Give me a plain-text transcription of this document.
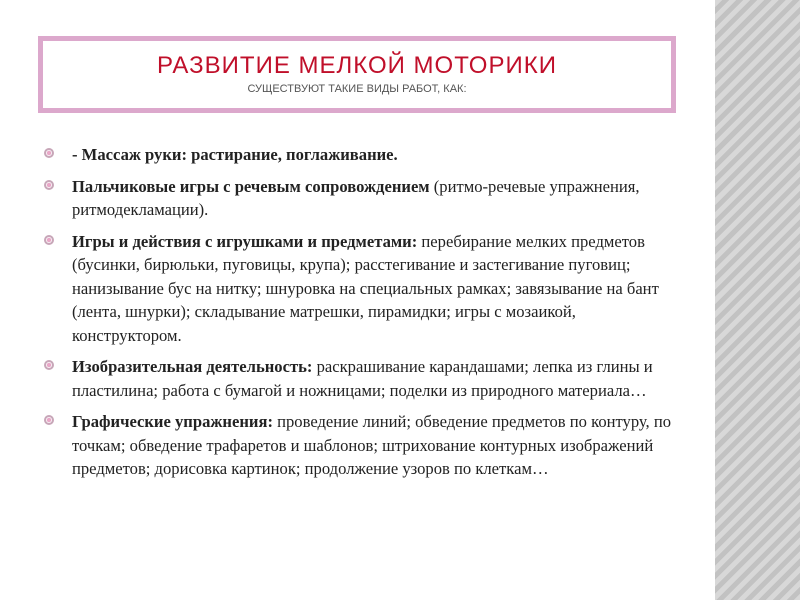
РАЗВИТИЕ МЕЛКОЙ МОТОРИКИ
СУЩЕСТВУЮТ ТАКИЕ ВИДЫ РАБОТ, КАК:
- Массаж руки: растирание, поглаживание.
Пальчиковые игры с речевым сопровождением (ритмо-речевые упражнения, ритмодекламации).
Игры и действия с игрушками и предметами: перебирание мелких предметов (бусинки, бирюльки, пуговицы, крупа); расстегивание и застегивание пуговиц; нанизывание бус на нитку; шнуровка на специальных рамках; завязывание на бант (лента, шнурки); складывание матрешки, пирамидки; игры с мозаикой, конструктором.
Изобразительная деятельность: раскрашивание карандашами; лепка из глины и пластилина; работа с бумагой и ножницами; поделки из природного материала…
Графические упражнения: проведение линий; обведение предметов по контуру, по точкам; обведение трафаретов и шаблонов; штрихование контурных изображений предметов; дорисовка картинок; продолжение узоров по клеткам…
